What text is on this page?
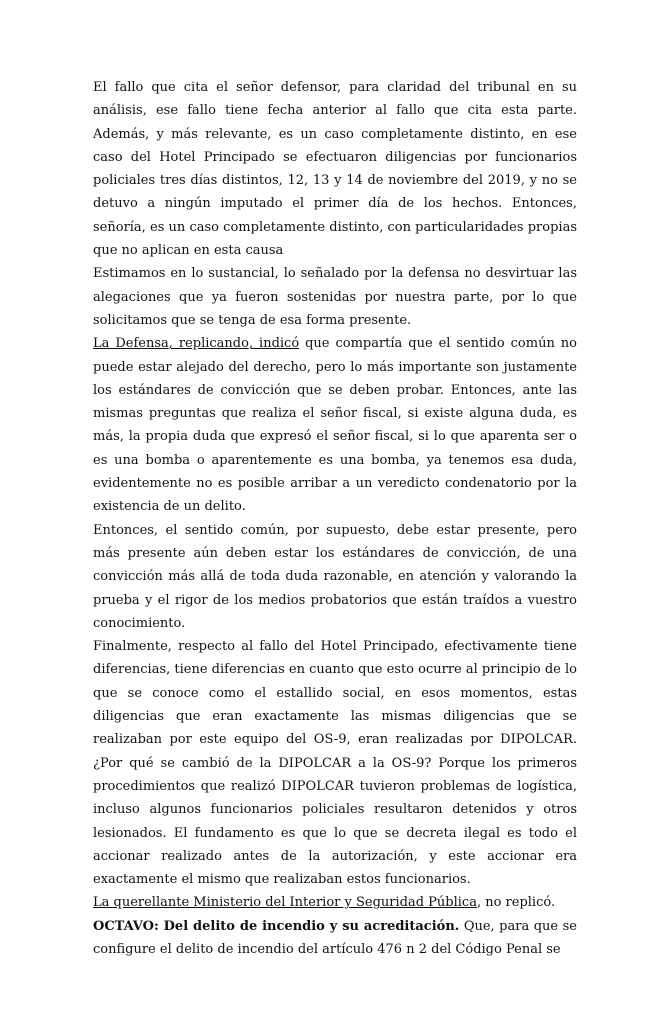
El fallo que cita el señor defensor, para claridad del tribunal en su análisis, ese fallo tiene fecha anterior al fallo que cita esta parte. Además, y más relevante, es un caso completamente distinto, en ese caso del Hotel Principado se efectuaron diligencias por funcionarios policiales tres días distintos, 12, 13 y 14 de noviembre del 2019, y no se detuvo a ningún imputado el primer día de los hechos. Entonces, señoría, es un caso completamente distinto, con particularidades propias que no aplican en esta causa

Estimamos en lo sustancial, lo señalado por la defensa no desvirtuar las alegaciones que ya fueron sostenidas por nuestra parte, por lo que solicitamos que se tenga de esa forma presente.

La Defensa, replicando, indicó que compartía que el sentido común no puede estar alejado del derecho, pero lo más importante son justamente los estándares de convicción que se deben probar. Entonces, ante las mismas preguntas que realiza el señor fiscal, si existe alguna duda, es más, la propia duda que expresó el señor fiscal, si lo que aparenta ser o es una bomba o aparentemente es una bomba, ya tenemos esa duda, evidentemente no es posible arribar a un veredicto condenatorio por la existencia de un delito.

Entonces, el sentido común, por supuesto, debe estar presente, pero más presente aún deben estar los estándares de convicción, de una convicción más allá de toda duda razonable, en atención y valorando la prueba y el rigor de los medios probatorios que están traídos a vuestro conocimiento.

Finalmente, respecto al fallo del Hotel Principado, efectivamente tiene diferencias, tiene diferencias en cuanto que esto ocurre al principio de lo que se conoce como el estallido social, en esos momentos, estas diligencias que eran exactamente las mismas diligencias que se realizaban por este equipo del OS-9, eran realizadas por DIPOLCAR. ¿Por qué se cambió de la DIPOLCAR a la OS-9? Porque los primeros procedimientos que realizó DIPOLCAR tuvieron problemas de logística, incluso algunos funcionarios policiales resultaron detenidos y otros lesionados. El fundamento es que lo que se decreta ilegal es todo el accionar realizado antes de la autorización, y este accionar era exactamente el mismo que realizaban estos funcionarios.

La querellante Ministerio del Interior y Seguridad Pública, no replicó.

OCTAVO: Del delito de incendio y su acreditación. Que, para que se configure el delito de incendio del artículo 476 n 2 del Código Penal se
